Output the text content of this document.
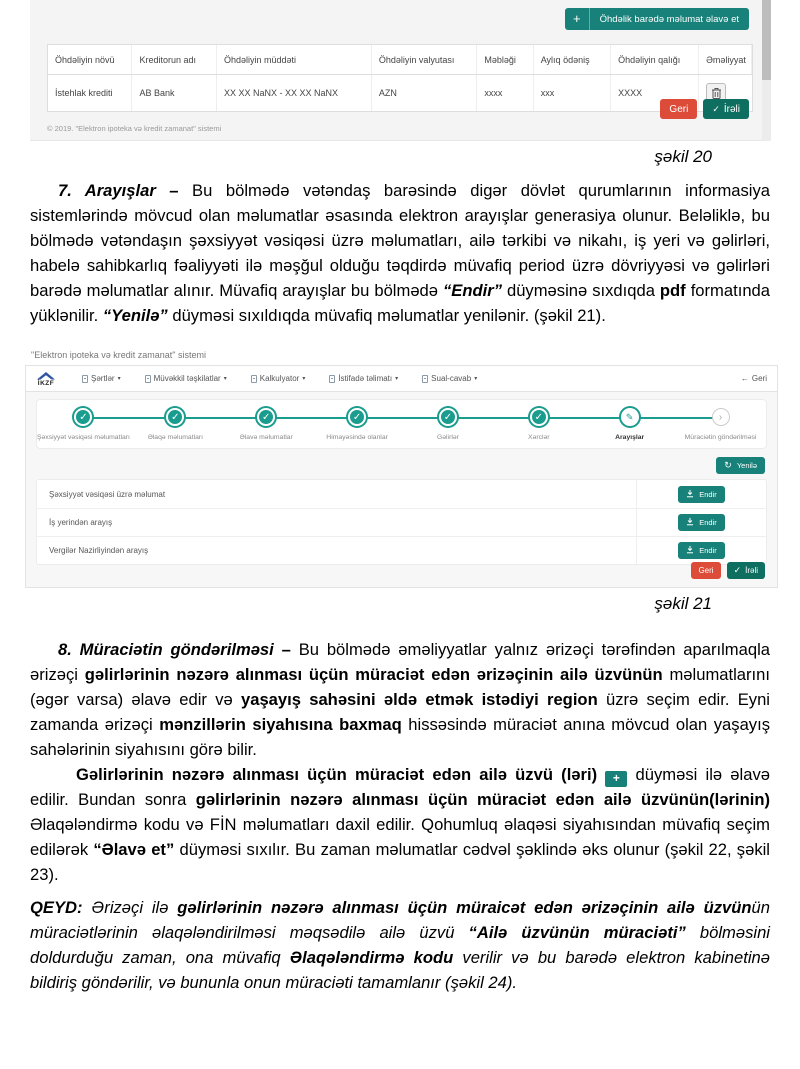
+	Öhdəlik barədə məlumat əlavə et
Öhdəliyin növü	Kreditorun adı	Öhdəliyin müddəti	Öhdəliyin valyutası	Məbləği	Aylıq ödəniş	Öhdəliyin qalığı	Əməliyyat
İstehlak krediti	AB Bank	XX XX NaNX - XX XX NaNX	AZN	xxxx	xxx	XXXX
Geri	✓ İrəli
© 2019. "Elektron ipoteka və kredit zamanat" sistemi
şəkil 20

7. Arayışlar – Bu bölmədə vətəndaş barəsində digər dövlət qurumlarının informasiya sistemlərində mövcud olan məlumatlar əsasında elektron arayışlar generasiya olunur. Beləliklə, bu bölmədə vətəndaşın şəxsiyyət vəsiqəsi üzrə məlumatları, ailə tərkibi və nikahı, iş yeri və gəlirləri, habelə sahibkarlıq fəaliyyəti ilə məşğul olduğu təqdirdə müvafiq period üzrə dövriyyəsi və gəlirləri barədə məlumatlar alınır. Müvafiq arayışlar bu bölmədə “Endir” düyməsinə sıxdıqda pdf formatında yüklənilir. “Yenilə” düyməsi sıxıldıqda müvafiq məlumatlar yenilənir. (şəkil 21).

"Elektron ipoteka və kredit zamanat" sistemi
İKZF	Şərtlər ▾	Müvəkkil təşkilatlar ▾	Kalkulyator ▾	İstifadə təlimatı ▾	Sual-cavab ▾	← Geri
✓
Şəxsiyyət vəsiqəsi məlumatları
✓
Əlaqə məlumatları
✓
Əlavə məlumatlar
✓
Himayəsində olanlar
✓
Gəlirlər
✓
Xərclər
✎
Arayışlar
›
Müraciətin göndərilməsi
↻ Yenilə
Şəxsiyyət vəsiqəsi üzrə məlumat	Endir
İş yerindən arayış	Endir
Vergilər Nazirliyindən arayış	Endir
Geri	✓ İrəli
şəkil 21

8. Müraciətin göndərilməsi – Bu bölmədə əməliyyatlar yalnız ərizəçi tərəfindən aparılmaqla ərizəçi gəlirlərinin nəzərə alınması üçün müraciət edən ərizəçinin ailə üzvünün məlumatlarını (əgər varsa) əlavə edir və yaşayış sahəsini əldə etmək istədiyi region üzrə seçim edir. Eyni zamanda ərizəçi mənzillərin siyahısına baxmaq hissəsində müraciət anına mövcud olan yaşayış sahələrinin siyahısını görə bilir.

Gəlirlərinin nəzərə alınması üçün müraciət edən ailə üzvü (ləri) + düyməsi ilə əlavə edilir. Bundan sonra gəlirlərinin nəzərə alınması üçün müraciət edən ailə üzvünün(lərinin) Əlaqələndirmə kodu və FİN məlumatları daxil edilir. Qohumluq əlaqəsi siyahısından müvafiq seçim edilərək “Əlavə et” düyməsi sıxılır. Bu zaman məlumatlar cədvəl şəklində əks olunur (şəkil 22, şəkil 23).

QEYD: Ərizəçi ilə gəlirlərinin nəzərə alınması üçün müraicət edən ərizəçinin ailə üzvünün müraciətlərinin əlaqələndirilməsi məqsədilə ailə üzvü “Ailə üzvünün müraciəti” bölməsini doldurduğu zaman, ona müvafiq Əlaqələndirmə kodu verilir və bu barədə elektron kabinetinə bildiriş göndərilir, və bununla onun müraciəti tamamlanır (şəkil 24).
